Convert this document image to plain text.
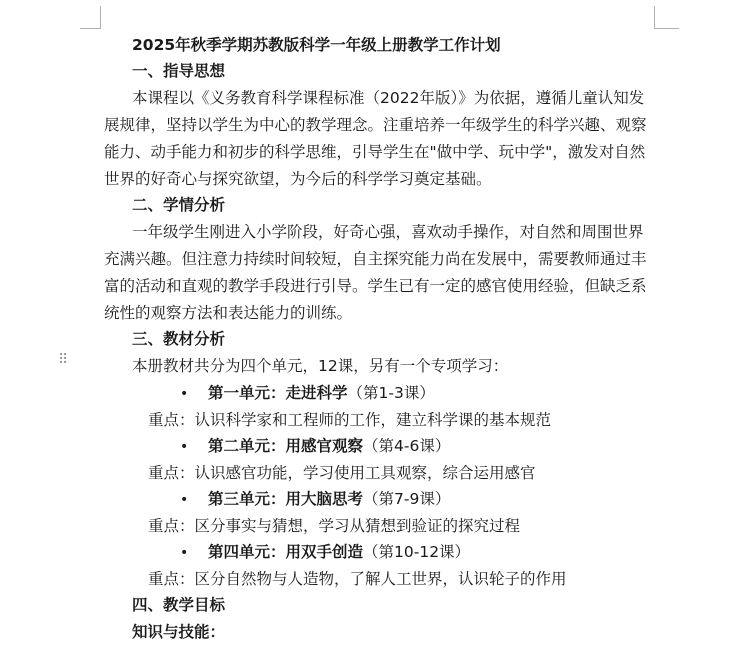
⠿
2025年秋季学期苏教版科学一年级上册教学工作计划
一、指导思想
本课程以《义务教育科学课程标准（2022年版）》为依据，遵循儿童认知发
展规律，坚持以学生为中心的教学理念。注重培养一年级学生的科学兴趣、观察
能力、动手能力和初步的科学思维，引导学生在"做中学、玩中学"，激发对自然
世界的好奇心与探究欲望，为今后的科学学习奠定基础。
二、学情分析
一年级学生刚进入小学阶段，好奇心强，喜欢动手操作，对自然和周围世界
充满兴趣。但注意力持续时间较短，自主探究能力尚在发展中，需要教师通过丰
富的活动和直观的教学手段进行引导。学生已有一定的感官使用经验，但缺乏系
统性的观察方法和表达能力的训练。
三、教材分析
本册教材共分为四个单元，12课，另有一个专项学习：
• 第一单元：走进科学（第1-3课）
重点：认识科学家和工程师的工作，建立科学课的基本规范
• 第二单元：用感官观察（第4-6课）
重点：认识感官功能，学习使用工具观察，综合运用感官
• 第三单元：用大脑思考（第7-9课）
重点：区分事实与猜想，学习从猜想到验证的探究过程
• 第四单元：用双手创造（第10-12课）
重点：区分自然物与人造物，了解人工世界，认识轮子的作用
四、教学目标
知识与技能：
